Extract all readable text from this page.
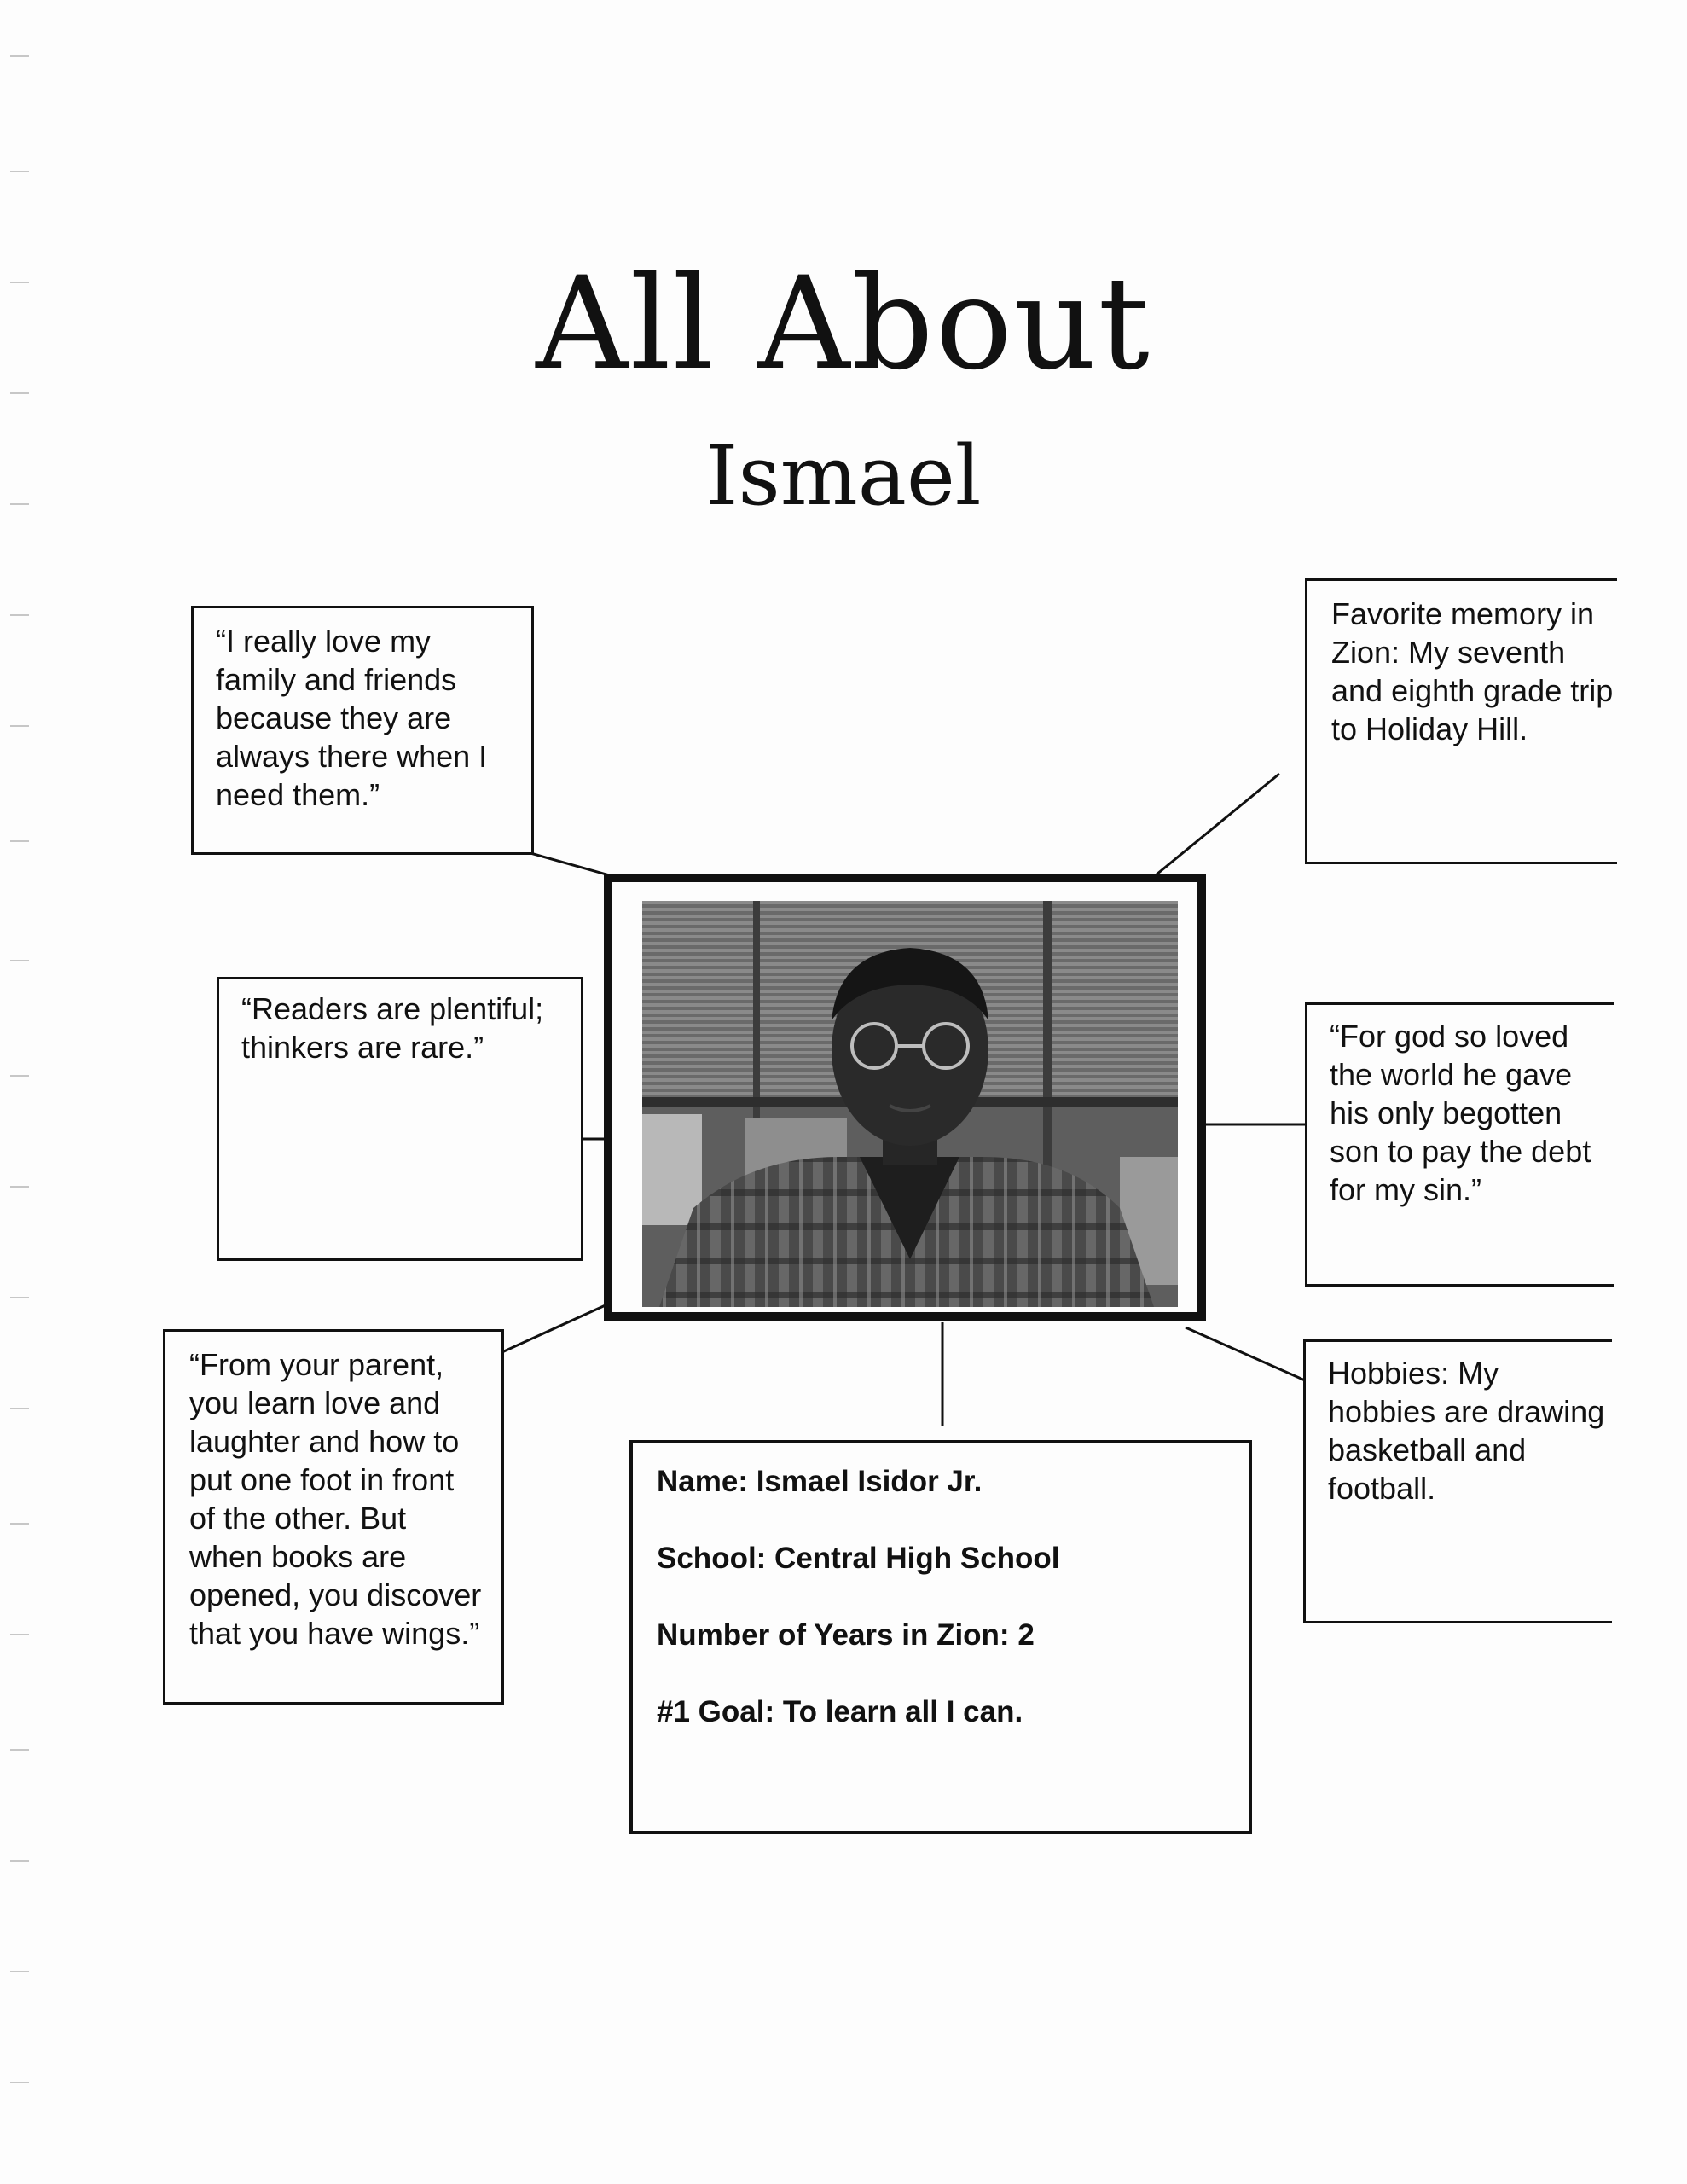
All About
Ismael

“I really love my family and friends because they are always there when I need them.”

“Readers are plentiful; thinkers are rare.”

“From your parent, you learn love and laughter and how to put one foot in front of the other. But when books are opened, you discover that you have wings.”

Favorite memory in Zion: My seventh and eighth grade trip to Holiday Hill.

“For god so loved the world he gave his only begotten son to pay the debt for my sin.”

Hobbies: My hobbies are drawing basketball and football.

Name: Ismael Isidor Jr.

School: Central High School

Number of Years in Zion: 2

#1 Goal: To learn all I can.
